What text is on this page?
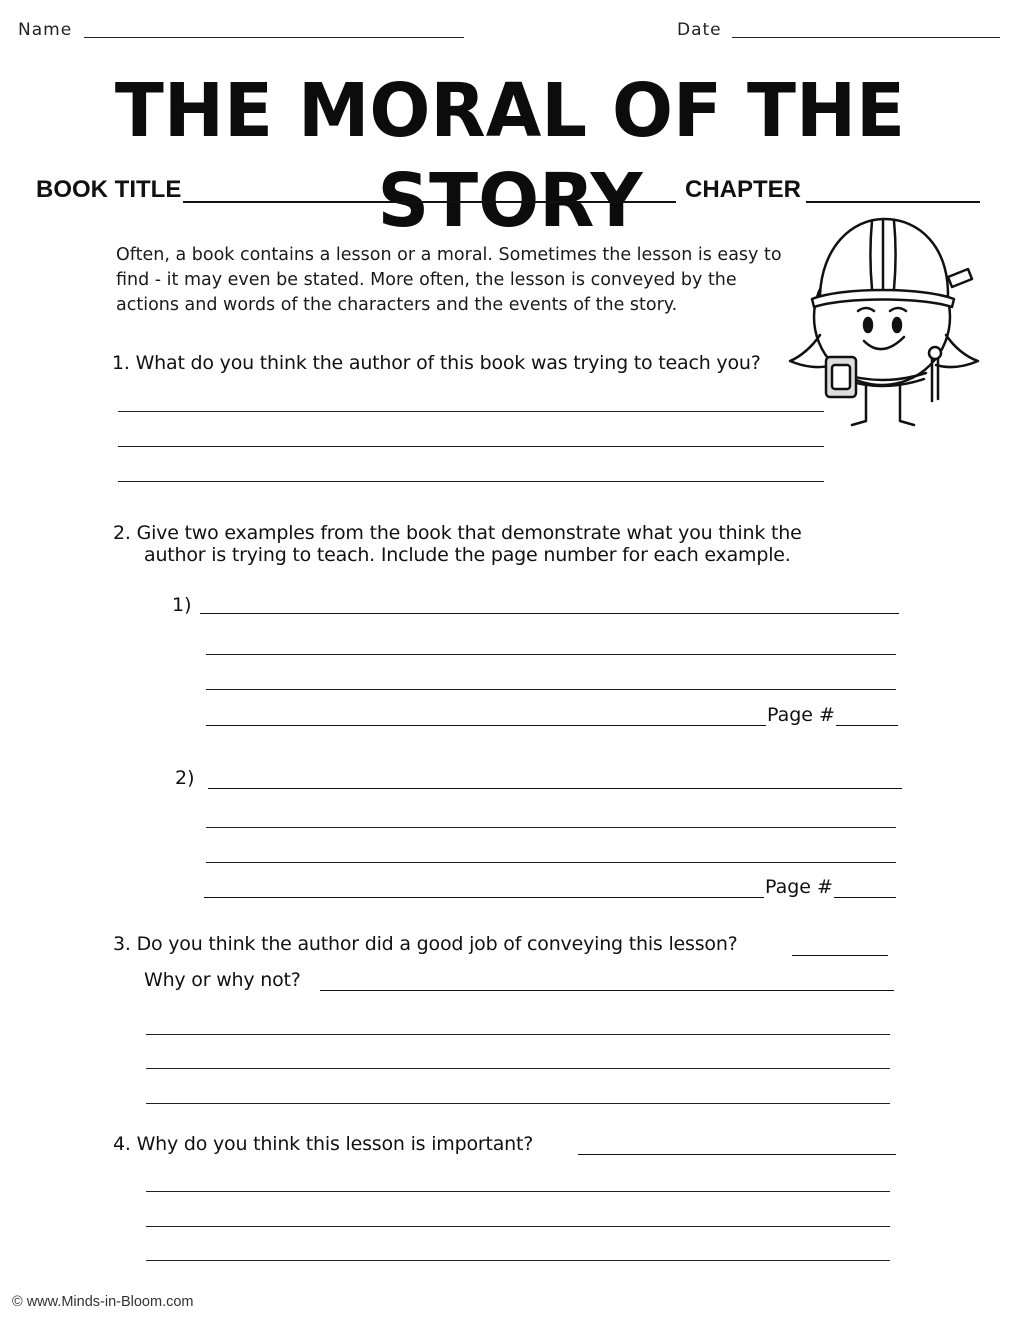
Name	Date
THE MORAL OF THE STORY
BOOK TITLE	CHAPTER
Often, a book contains a lesson or a moral. Sometimes the lesson is easy to find - it may even be stated. More often, the lesson is conveyed by the actions and words of the characters and the events of the story.
1. What do you think the author of this book was trying to teach you?
2. Give two examples from the book that demonstrate what you think the
author is trying to teach. Include the page number for each example.
1)
Page #
2)
Page #
3. Do you think the author did a good job of conveying this lesson?
Why or why not?
4. Why do you think this lesson is important?
© www.Minds-in-Bloom.com
